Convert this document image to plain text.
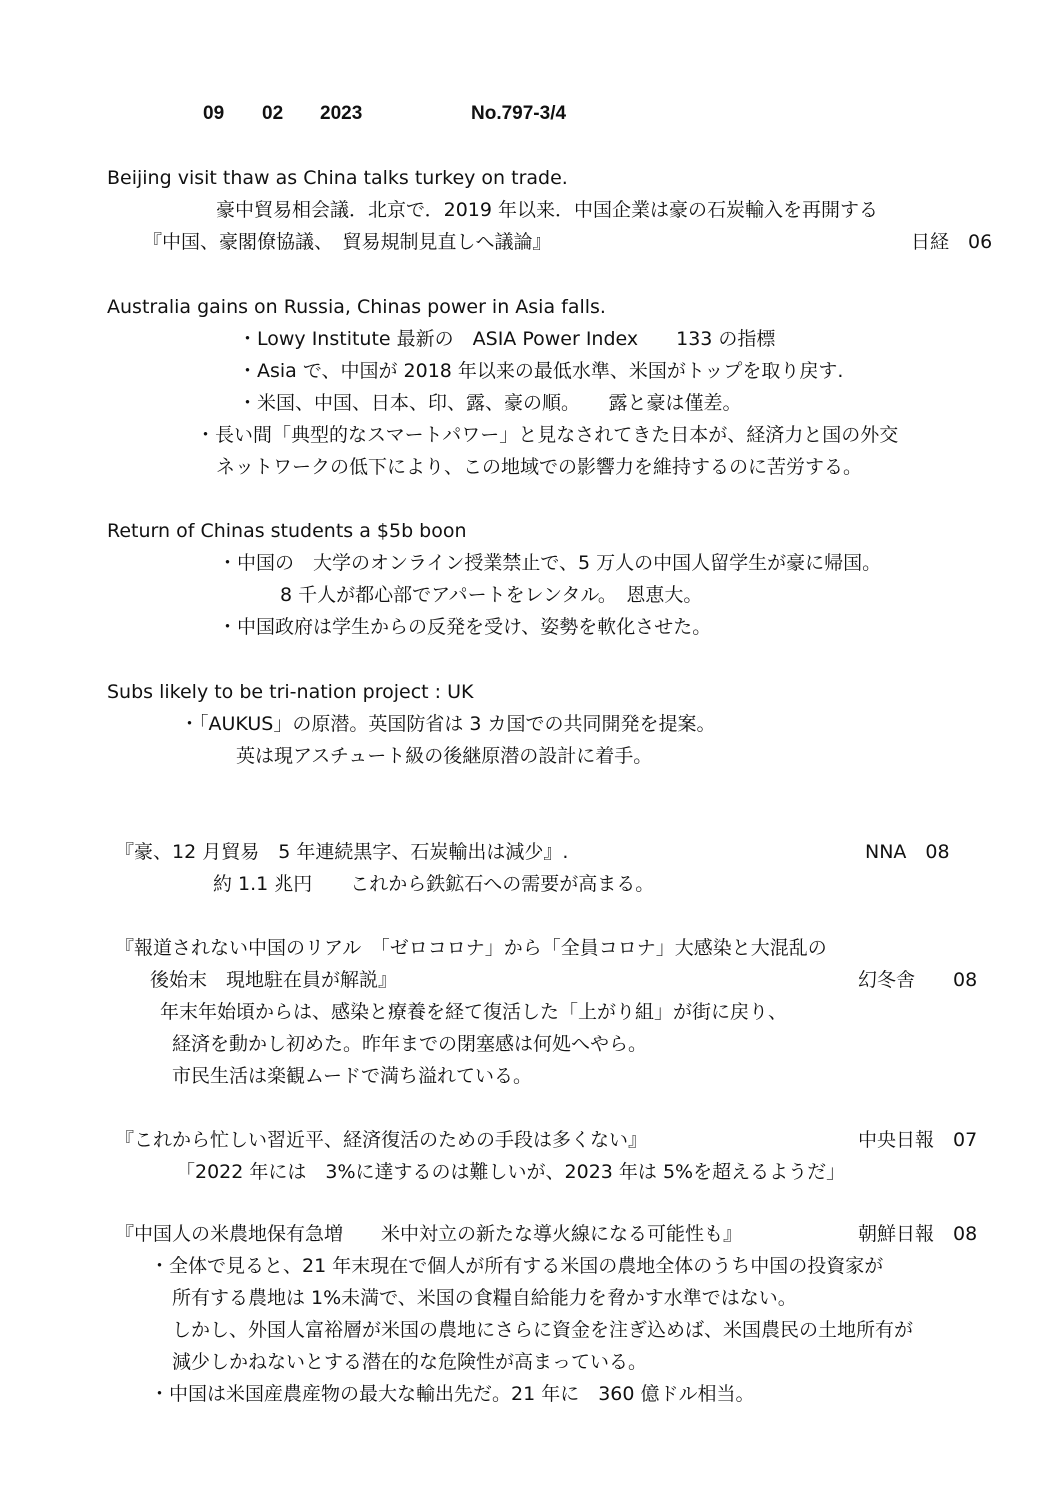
09 02 2023	No.797-3/4
Beijing visit thaw as China talks turkey on trade.
豪中貿易相会議．北京で．2019 年以来．中国企業は豪の石炭輸入を再開する
『中国、豪閣僚協議、　貿易規制見直しへ議論』	日経　06
Australia gains on Russia, Chinas power in Asia falls.
・Lowy Institute 最新の　ASIA Power Index　　133 の指標
・Asia で、中国が 2018 年以来の最低水準、米国がトップを取り戻す.
・米国、中国、日本、印、露、豪の順。　　露と豪は僅差。
・長い間「典型的なスマートパワー」と見なされてきた日本が、経済力と国の外交
ネットワークの低下により、この地域での影響力を維持するのに苦労する。
Return of Chinas students a $5b boon
・中国の　大学のオンライン授業禁止で、5 万人の中国人留学生が豪に帰国。
8 千人が都心部でアパートをレンタル。　恩恵大。
・中国政府は学生からの反発を受け、姿勢を軟化させた。
Subs likely to be tri-nation project : UK
・「AUKUS」の原潜。英国防省は 3 カ国での共同開発を提案。
英は現アスチュート級の後継原潜の設計に着手。
『豪、12 月貿易　5 年連続黒字、石炭輸出は減少』.	NNA　08
約 1.1 兆円　　これから鉄鉱石への需要が高まる。
『報道されない中国のリアル　「ゼロコロナ」から「全員コロナ」大感染と大混乱の
後始末　現地駐在員が解説』	幻冬舎　　08
年末年始頃からは、感染と療養を経て復活した「上がり組」が街に戻り、
経済を動かし初めた。昨年までの閉塞感は何処へやら。
市民生活は楽観ムードで満ち溢れている。
『これから忙しい習近平、経済復活のための手段は多くない』	中央日報　07
「2022 年には　3%に達するのは難しいが、2023 年は 5%を超えるようだ」
『中国人の米農地保有急増　　米中対立の新たな導火線になる可能性も』	朝鮮日報　08
・全体で見ると、21 年末現在で個人が所有する米国の農地全体のうち中国の投資家が
所有する農地は 1%未満で、米国の食糧自給能力を脅かす水準ではない。
しかし、外国人富裕層が米国の農地にさらに資金を注ぎ込めば、米国農民の土地所有が
減少しかねないとする潜在的な危険性が高まっている。
・中国は米国産農産物の最大な輸出先だ。21 年に　360 億ドル相当。
